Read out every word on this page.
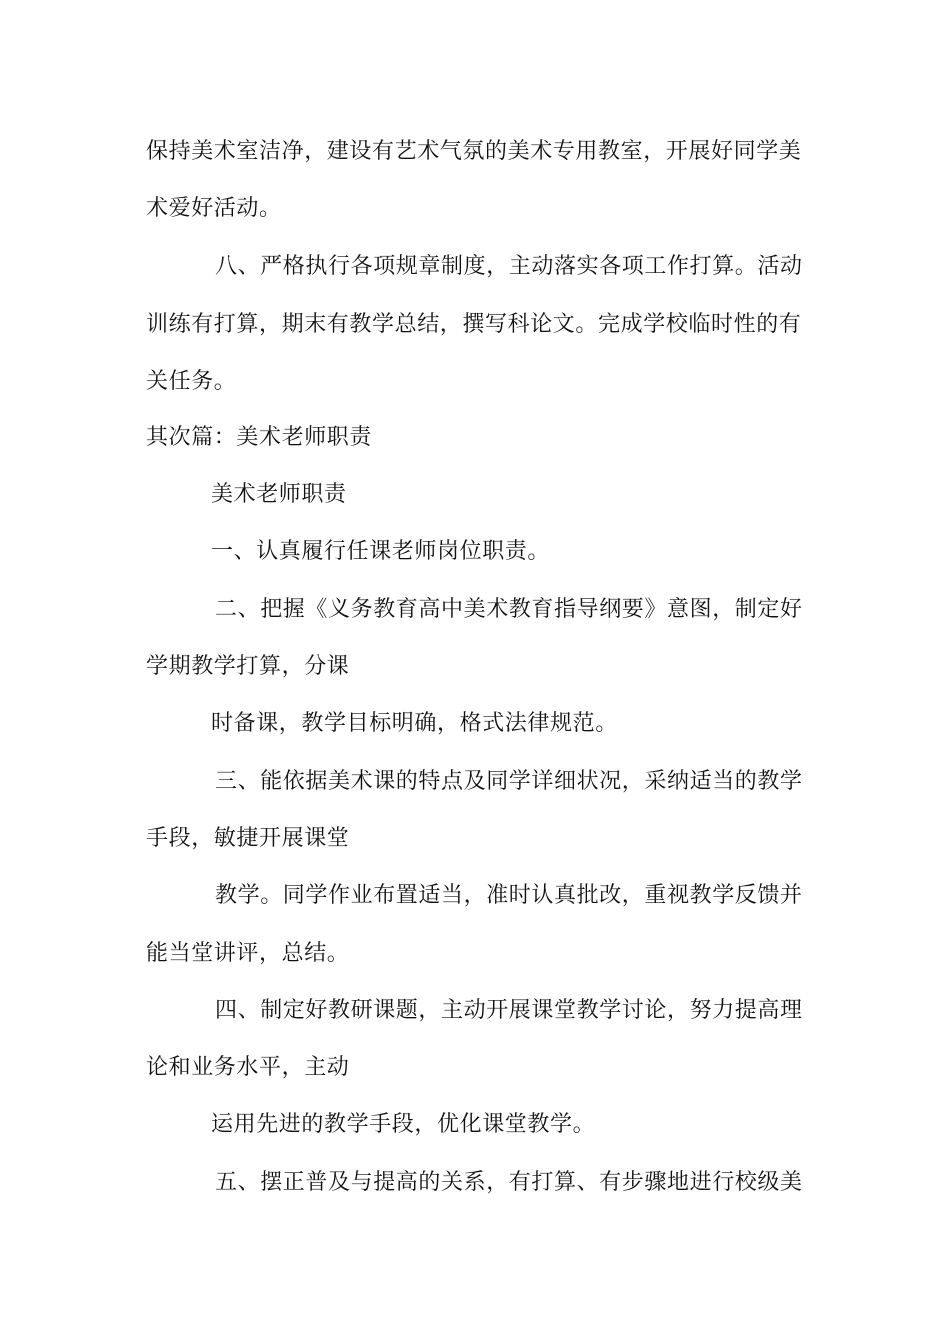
保持美术室洁净，建设有艺术气氛的美术专用教室，开展好同学美
术爱好活动。
八、严格执行各项规章制度，主动落实各项工作打算。活动
训练有打算，期末有教学总结，撰写科论文。完成学校临时性的有
关任务。
其次篇：美术老师职责
美术老师职责
一、认真履行任课老师岗位职责。
二、把握《义务教育高中美术教育指导纲要》意图，制定好
学期教学打算，分课
时备课，教学目标明确，格式法律规范。
三、能依据美术课的特点及同学详细状况，采纳适当的教学
手段，敏捷开展课堂
教学。同学作业布置适当，准时认真批改，重视教学反馈并
能当堂讲评，总结。
四、制定好教研课题，主动开展课堂教学讨论，努力提高理
论和业务水平，主动
运用先进的教学手段，优化课堂教学。
五、摆正普及与提高的关系，有打算、有步骤地进行校级美
